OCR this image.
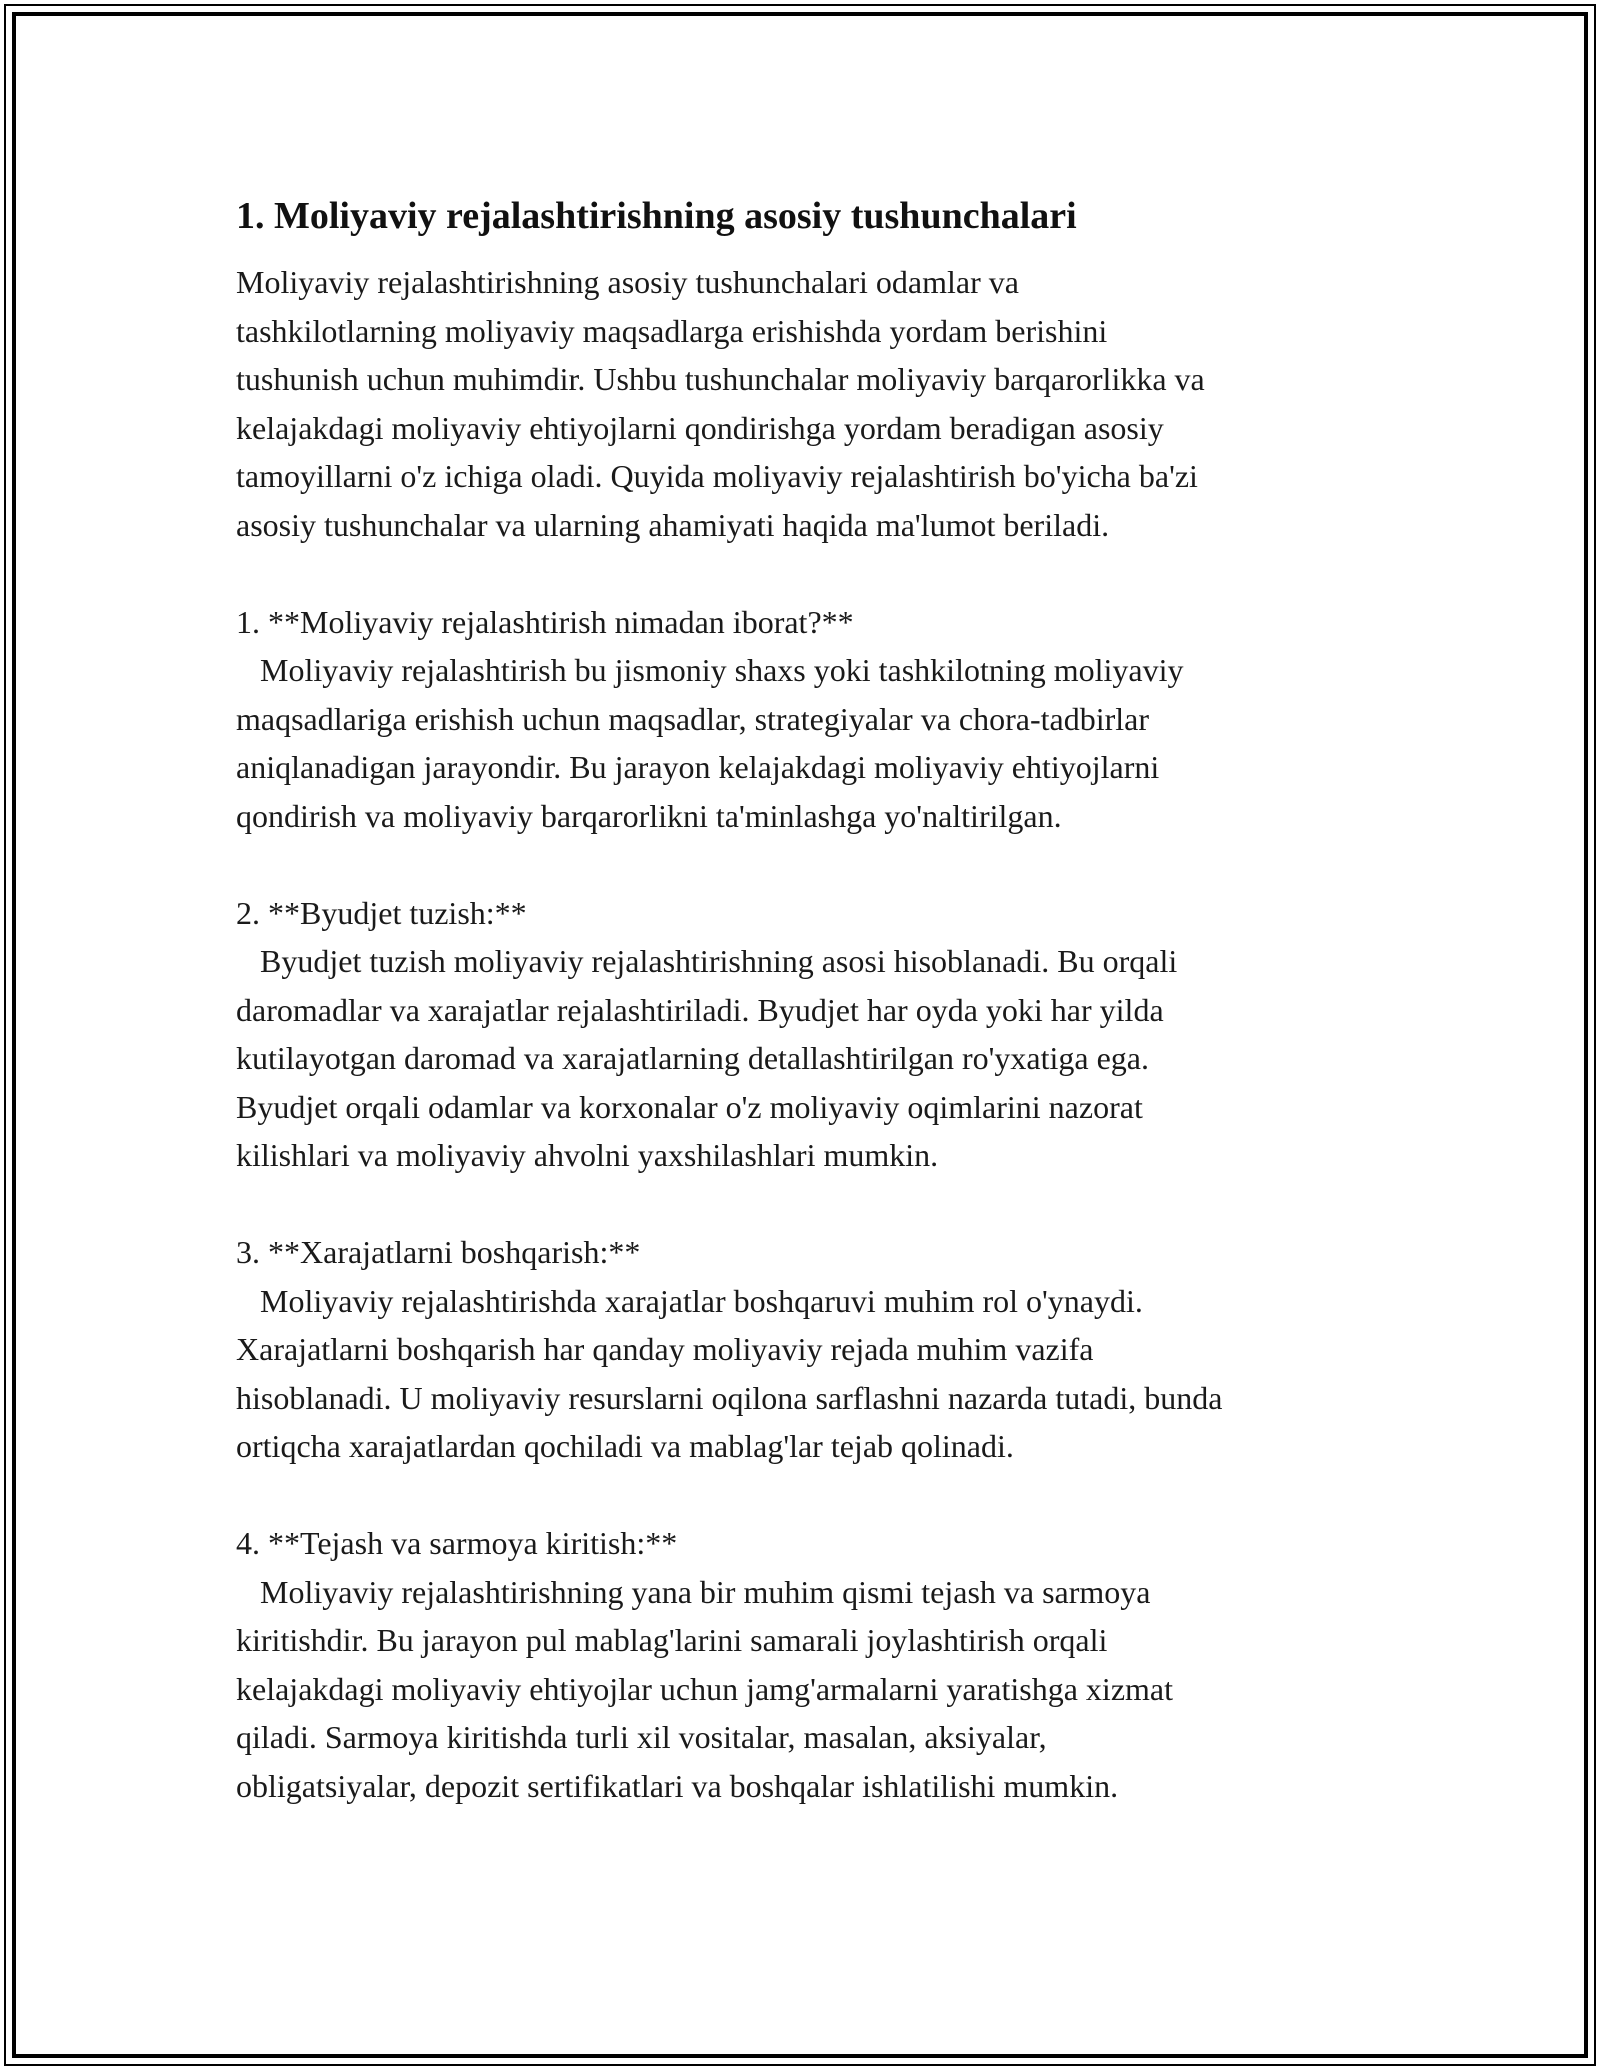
1. Moliyaviy rejalashtirishning asosiy tushunchalari

Moliyaviy rejalashtirishning asosiy tushunchalari odamlar va
tashkilotlarning moliyaviy maqsadlarga erishishda yordam berishini
tushunish uchun muhimdir. Ushbu tushunchalar moliyaviy barqarorlikka va
kelajakdagi moliyaviy ehtiyojlarni qondirishga yordam beradigan asosiy
tamoyillarni o'z ichiga oladi. Quyida moliyaviy rejalashtirish bo'yicha ba'zi
asosiy tushunchalar va ularning ahamiyati haqida ma'lumot beriladi.

1. **Moliyaviy rejalashtirish nimadan iborat?**

Moliyaviy rejalashtirish bu jismoniy shaxs yoki tashkilotning moliyaviy
maqsadlariga erishish uchun maqsadlar, strategiyalar va chora-tadbirlar
aniqlanadigan jarayondir. Bu jarayon kelajakdagi moliyaviy ehtiyojlarni
qondirish va moliyaviy barqarorlikni ta'minlashga yo'naltirilgan.

2. **Byudjet tuzish:**

Byudjet tuzish moliyaviy rejalashtirishning asosi hisoblanadi. Bu orqali
daromadlar va xarajatlar rejalashtiriladi. Byudjet har oyda yoki har yilda
kutilayotgan daromad va xarajatlarning detallashtirilgan ro'yxatiga ega.
Byudjet orqali odamlar va korxonalar o'z moliyaviy oqimlarini nazorat
kilishlari va moliyaviy ahvolni yaxshilashlari mumkin.

3. **Xarajatlarni boshqarish:**

Moliyaviy rejalashtirishda xarajatlar boshqaruvi muhim rol o'ynaydi.
Xarajatlarni boshqarish har qanday moliyaviy rejada muhim vazifa
hisoblanadi. U moliyaviy resurslarni oqilona sarflashni nazarda tutadi, bunda
ortiqcha xarajatlardan qochiladi va mablag'lar tejab qolinadi.

4. **Tejash va sarmoya kiritish:**

Moliyaviy rejalashtirishning yana bir muhim qismi tejash va sarmoya
kiritishdir. Bu jarayon pul mablag'larini samarali joylashtirish orqali
kelajakdagi moliyaviy ehtiyojlar uchun jamg'armalarni yaratishga xizmat
qiladi. Sarmoya kiritishda turli xil vositalar, masalan, aksiyalar,
obligatsiyalar, depozit sertifikatlari va boshqalar ishlatilishi mumkin.
